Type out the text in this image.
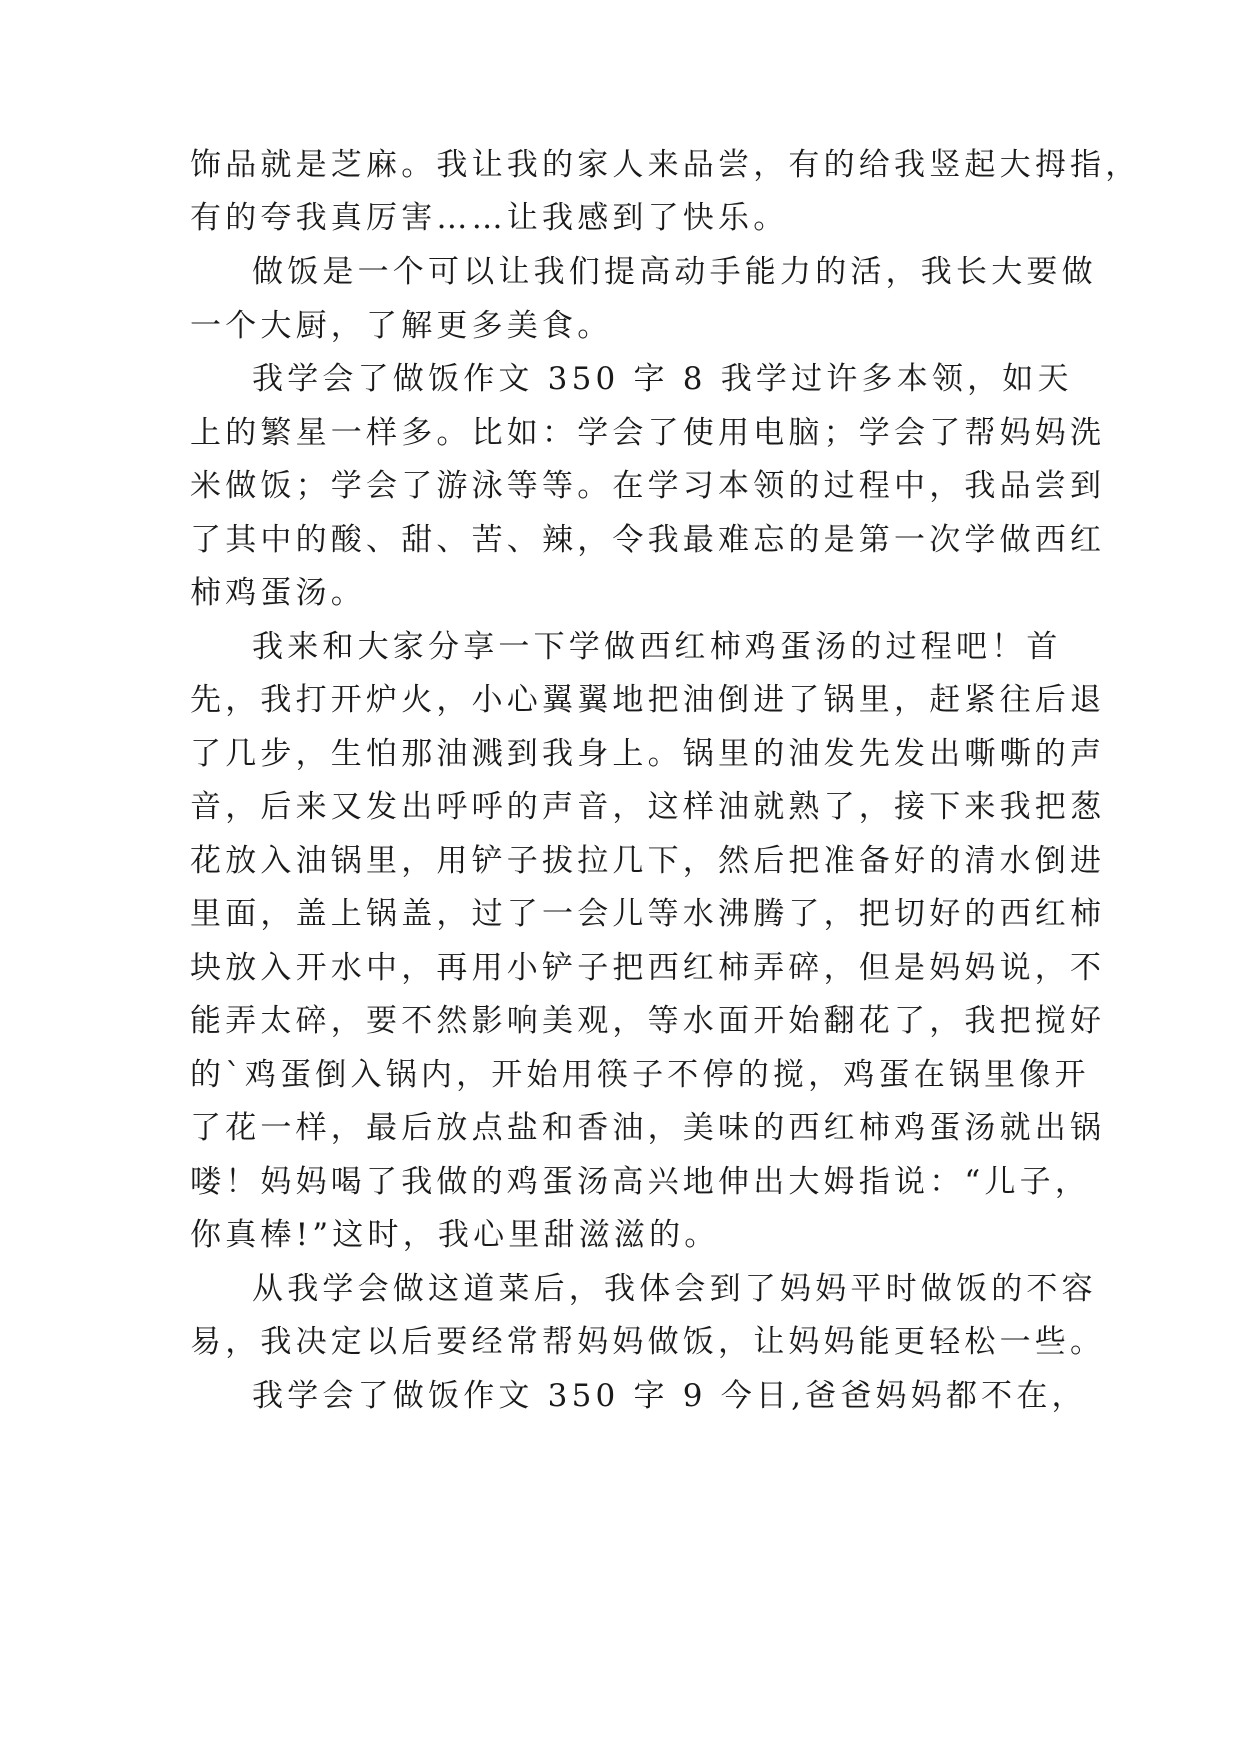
饰品就是芝麻。我让我的家人来品尝，有的给我竖起大拇指，
有的夸我真厉害……让我感到了快乐。
做饭是一个可以让我们提高动手能力的活，我长大要做
一个大厨，了解更多美食。
我学会了做饭作文 350 字 8 我学过许多本领，如天
上的繁星一样多。比如：学会了使用电脑；学会了帮妈妈洗
米做饭；学会了游泳等等。在学习本领的过程中，我品尝到
了其中的酸、甜、苦、辣，令我最难忘的是第一次学做西红
柿鸡蛋汤。
我来和大家分享一下学做西红柿鸡蛋汤的过程吧！首
先，我打开炉火，小心翼翼地把油倒进了锅里，赶紧往后退
了几步，生怕那油溅到我身上。锅里的油发先发出嘶嘶的声
音，后来又发出呼呼的声音，这样油就熟了，接下来我把葱
花放入油锅里，用铲子拔拉几下，然后把准备好的清水倒进
里面，盖上锅盖，过了一会儿等水沸腾了，把切好的西红柿
块放入开水中，再用小铲子把西红柿弄碎，但是妈妈说，不
能弄太碎，要不然影响美观，等水面开始翻花了，我把搅好
的`鸡蛋倒入锅内，开始用筷子不停的搅，鸡蛋在锅里像开
了花一样，最后放点盐和香油，美味的西红柿鸡蛋汤就出锅
喽！妈妈喝了我做的鸡蛋汤高兴地伸出大姆指说：“儿子，
你真棒!”这时，我心里甜滋滋的。
从我学会做这道菜后，我体会到了妈妈平时做饭的不容
易，我决定以后要经常帮妈妈做饭，让妈妈能更轻松一些。
我学会了做饭作文 350 字 9 今日,爸爸妈妈都不在，
